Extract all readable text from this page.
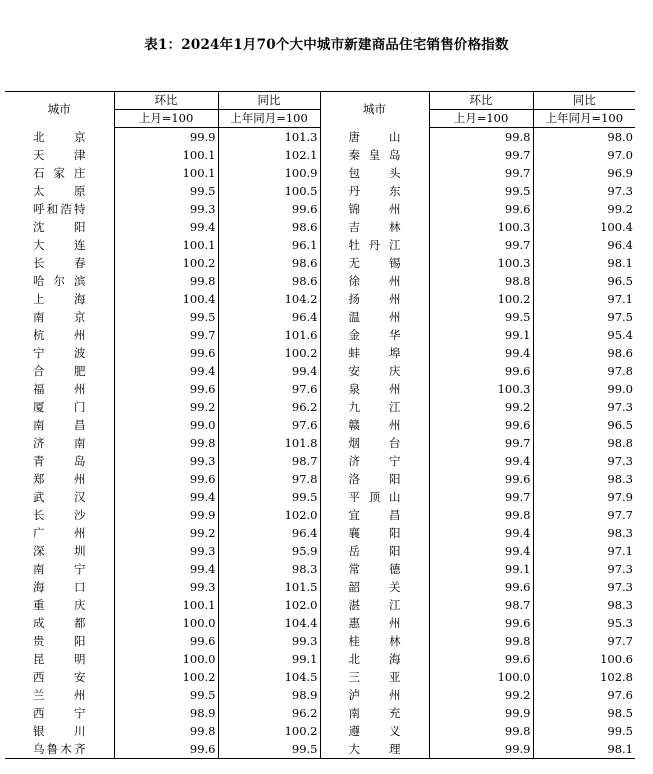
表1：2024年1月70个大中城市新建商品住宅销售价格指数
城市	环比	同比	城市	环比	同比
	上月=100	上年同月=100		上月=100	上年同月=100
北京	99.9	101.3	唐山	99.8	98.0
天津	100.1	102.1	秦皇岛	99.7	97.0
石家庄	100.1	100.9	包头	99.7	96.9
太原	99.5	100.5	丹东	99.5	97.3
呼和浩特	99.3	99.6	锦州	99.6	99.2
沈阳	99.4	98.6	吉林	100.3	100.4
大连	100.1	96.1	牡丹江	99.7	96.4
长春	100.2	98.6	无锡	100.3	98.1
哈尔滨	99.8	98.6	徐州	98.8	96.5
上海	100.4	104.2	扬州	100.2	97.1
南京	99.5	96.4	温州	99.5	97.5
杭州	99.7	101.6	金华	99.1	95.4
宁波	99.6	100.2	蚌埠	99.4	98.6
合肥	99.4	99.4	安庆	99.6	97.8
福州	99.6	97.6	泉州	100.3	99.0
厦门	99.2	96.2	九江	99.2	97.3
南昌	99.0	97.6	赣州	99.6	96.5
济南	99.8	101.8	烟台	99.7	98.8
青岛	99.3	98.7	济宁	99.4	97.3
郑州	99.6	97.8	洛阳	99.6	98.3
武汉	99.4	99.5	平顶山	99.7	97.9
长沙	99.9	102.0	宜昌	99.8	97.7
广州	99.2	96.4	襄阳	99.4	98.3
深圳	99.3	95.9	岳阳	99.4	97.1
南宁	99.4	98.3	常德	99.1	97.3
海口	99.3	101.5	韶关	99.6	97.3
重庆	100.1	102.0	湛江	98.7	98.3
成都	100.0	104.4	惠州	99.6	95.3
贵阳	99.6	99.3	桂林	99.8	97.7
昆明	100.0	99.1	北海	99.6	100.6
西安	100.2	104.5	三亚	100.0	102.8
兰州	99.5	98.9	泸州	99.2	97.6
西宁	98.9	96.2	南充	99.9	98.5
银川	99.8	100.2	遵义	99.8	99.5
乌鲁木齐	99.6	99.5	大理	99.9	98.1
